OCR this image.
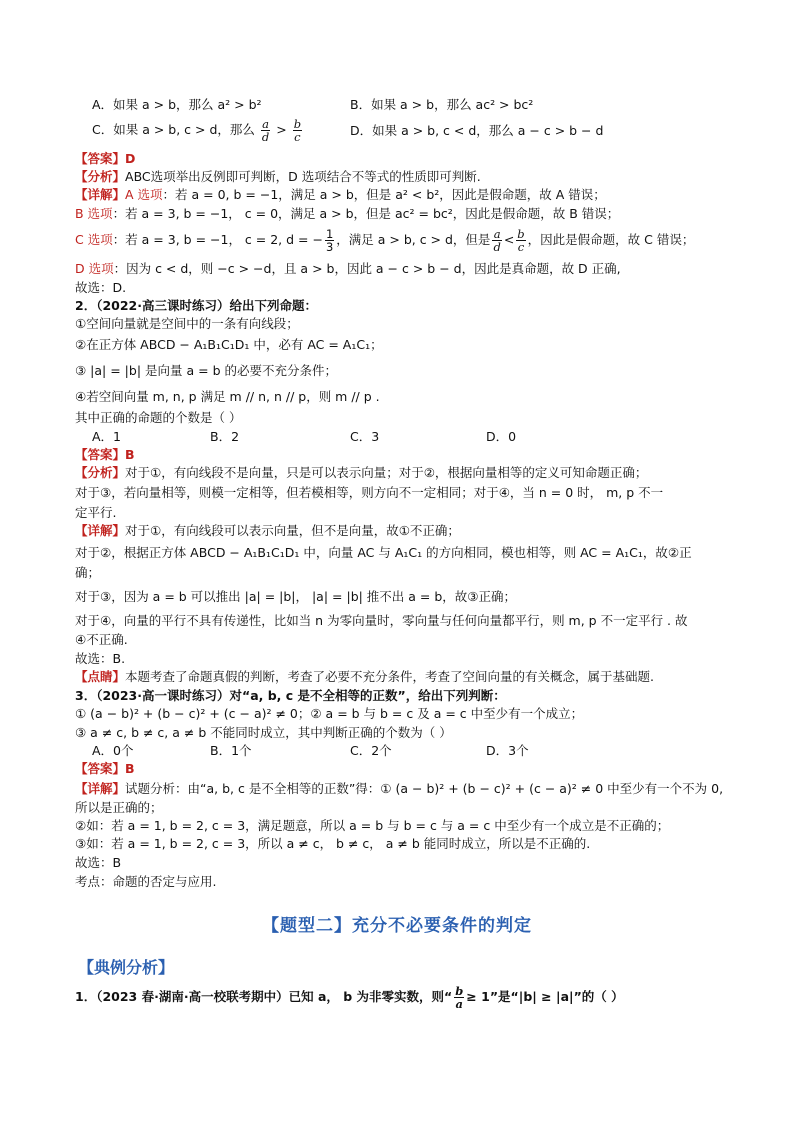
A．如果 a > b，那么 a² > b²	B．如果 a > b，那么 ac² > bc²
C．如果 a > b, c > d，那么 $\frac{a}{d} > \frac{b}{c}$	D．如果 a > b, c < d，那么 a − c > b − d
【答案】D
【分析】ABC选项举出反例即可判断，D 选项结合不等式的性质即可判断.
【详解】A 选项：若 a = 0, b = −1，满足 a > b，但是 a² < b²，因此是假命题，故 A 错误；
B 选项：若 a = 3, b = −1， c = 0，满足 a > b，但是 ac² = bc²，因此是假命题，故 B 错误；
C 选项：若 a = 3, b = −1， c = 2, d = − $\frac{1}{3}$ ，满足 a > b, c > d，但是 $\frac{a}{d} < \frac{b}{c}$ ，因此是假命题，故 C 错误；
D 选项：因为 c < d，则 −c > −d，且 a > b，因此 a − c > b − d，因此是真命题，故 D 正确,
故选：D.
2．（2022·高三课时练习）给出下列命题：
①空间向量就是空间中的一条有向线段；
②在正方体 ABCD − A₁B₁C₁D₁ 中，必有 AC = A₁C₁；
③ |a| = |b| 是向量 a = b 的必要不充分条件；
④若空间向量 m, n, p 满足 m // n, n // p，则 m // p .
其中正确的命题的个数是（ ）
A．1	B．2	C．3	D．0
【答案】B
【分析】对于①，有向线段不是向量，只是可以表示向量；对于②，根据向量相等的定义可知命题正确；
对于③，若向量相等，则模一定相等，但若模相等，则方向不一定相同；对于④，当 n = 0 时， m, p 不一
定平行.
【详解】对于①，有向线段可以表示向量，但不是向量，故①不正确；
对于②，根据正方体 ABCD − A₁B₁C₁D₁ 中，向量 AC 与 A₁C₁ 的方向相同，模也相等，则 AC = A₁C₁，故②正
确；
对于③，因为 a = b 可以推出 |a| = |b|， |a| = |b| 推不出 a = b，故③正确；
对于④，向量的平行不具有传递性，比如当 n 为零向量时，零向量与任何向量都平行，则 m, p 不一定平行 . 故
④不正确.
故选：B.
【点睛】本题考查了命题真假的判断，考查了必要不充分条件，考查了空间向量的有关概念，属于基础题.
3．（2023·高一课时练习）对“a, b, c 是不全相等的正数”，给出下列判断：
① (a − b)² + (b − c)² + (c − a)² ≠ 0；② a = b 与 b = c 及 a = c 中至少有一个成立；
③ a ≠ c, b ≠ c, a ≠ b 不能同时成立，其中判断正确的个数为（ ）
A．0个	B．1个	C．2个	D．3个
【答案】B
【详解】试题分析：由“a, b, c 是不全相等的正数”得：① (a − b)² + (b − c)² + (c − a)² ≠ 0 中至少有一个不为 0,
所以是正确的；
②如：若 a = 1, b = 2, c = 3，满足题意，所以 a = b 与 b = c 与 a = c 中至少有一个成立是不正确的；
③如：若 a = 1, b = 2, c = 3，所以 a ≠ c， b ≠ c， a ≠ b 能同时成立，所以是不正确的.
故选：B
考点：命题的否定与应用.
【题型二】充分不必要条件的判定
【典例分析】
1．（2023 春·湖南·高一校联考期中）已知 a， b 为非零实数，则“ $\frac{b}{a} \ge 1$”是“|b| ≥ |a|”的（ ）
